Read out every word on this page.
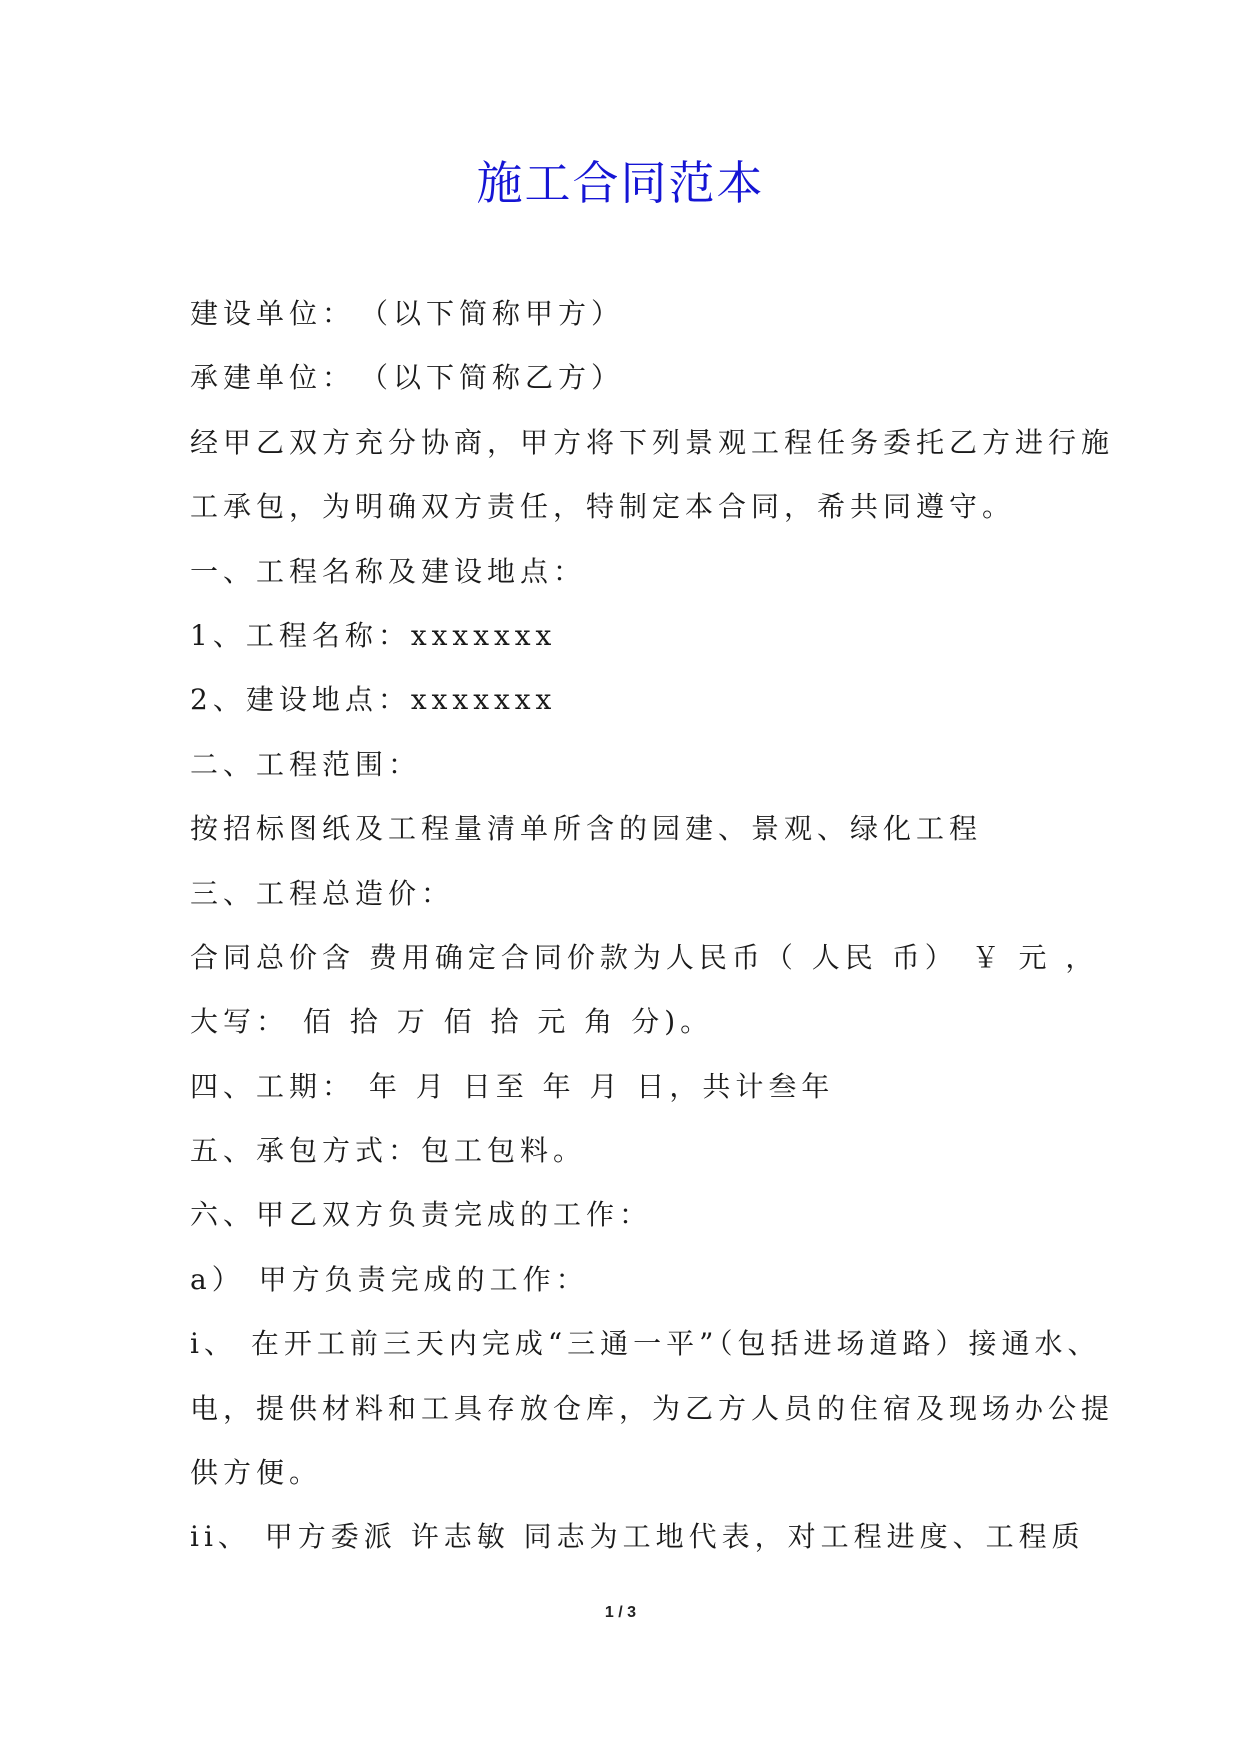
施工合同范本

建设单位：　（以下简称甲方）

承建单位：　（以下简称乙方）

经甲乙双方充分协商，甲方将下列景观工程任务委托乙方进行施

工承包，为明确双方责任，特制定本合同，希共同遵守。

一、工程名称及建设地点：

1、工程名称：xxxxxxx

2、建设地点：xxxxxxx

二、工程范围：

按招标图纸及工程量清单所含的园建、景观、绿化工程

三、工程总造价：

合同总价含 费用确定合同价款为人民币（ 人民 币） ￥ 元 ，

大写： 佰 拾 万 佰 拾 元 角 分)。

四、工期： 年 月 日至 年 月 日，共计叁年

五、承包方式：包工包料。

六、甲乙双方负责完成的工作：

a） 甲方负责完成的工作：

i、 在开工前三天内完成“三通一平”（包括进场道路）接通水、

电，提供材料和工具存放仓库，为乙方人员的住宿及现场办公提

供方便。

ii、 甲方委派 许志敏 同志为工地代表，对工程进度、工程质

1 / 3
